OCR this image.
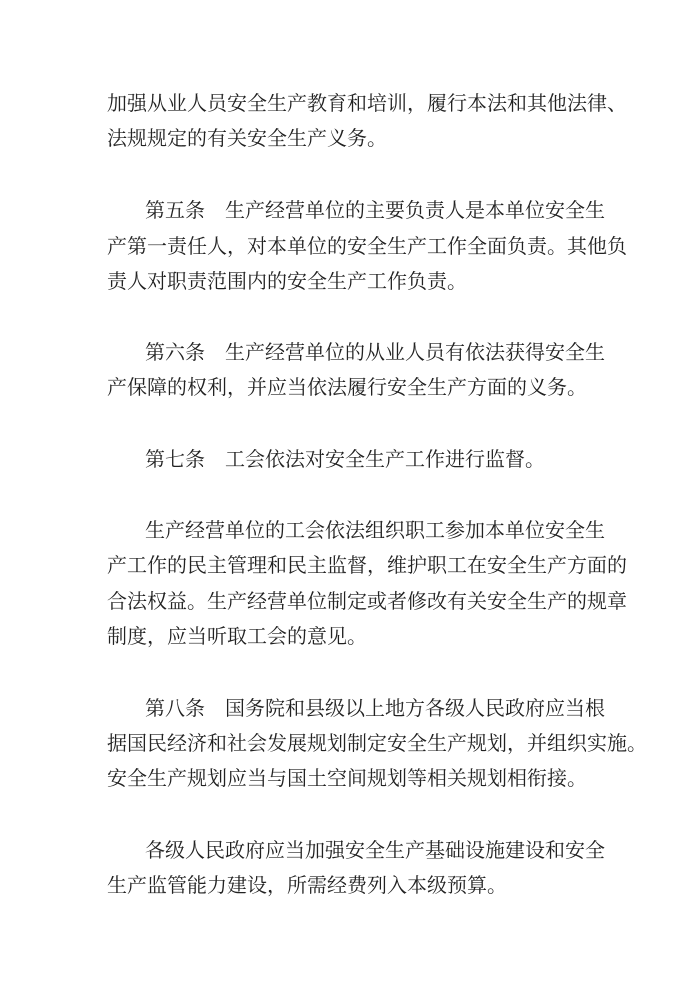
加强从业人员安全生产教育和培训，履行本法和其他法律、
法规规定的有关安全生产义务。
第五条　生产经营单位的主要负责人是本单位安全生
产第一责任人，对本单位的安全生产工作全面负责。其他负
责人对职责范围内的安全生产工作负责。
第六条　生产经营单位的从业人员有依法获得安全生
产保障的权利，并应当依法履行安全生产方面的义务。
第七条　工会依法对安全生产工作进行监督。
生产经营单位的工会依法组织职工参加本单位安全生
产工作的民主管理和民主监督，维护职工在安全生产方面的
合法权益。生产经营单位制定或者修改有关安全生产的规章
制度，应当听取工会的意见。
第八条　国务院和县级以上地方各级人民政府应当根
据国民经济和社会发展规划制定安全生产规划，并组织实施。
安全生产规划应当与国土空间规划等相关规划相衔接。
各级人民政府应当加强安全生产基础设施建设和安全
生产监管能力建设，所需经费列入本级预算。
